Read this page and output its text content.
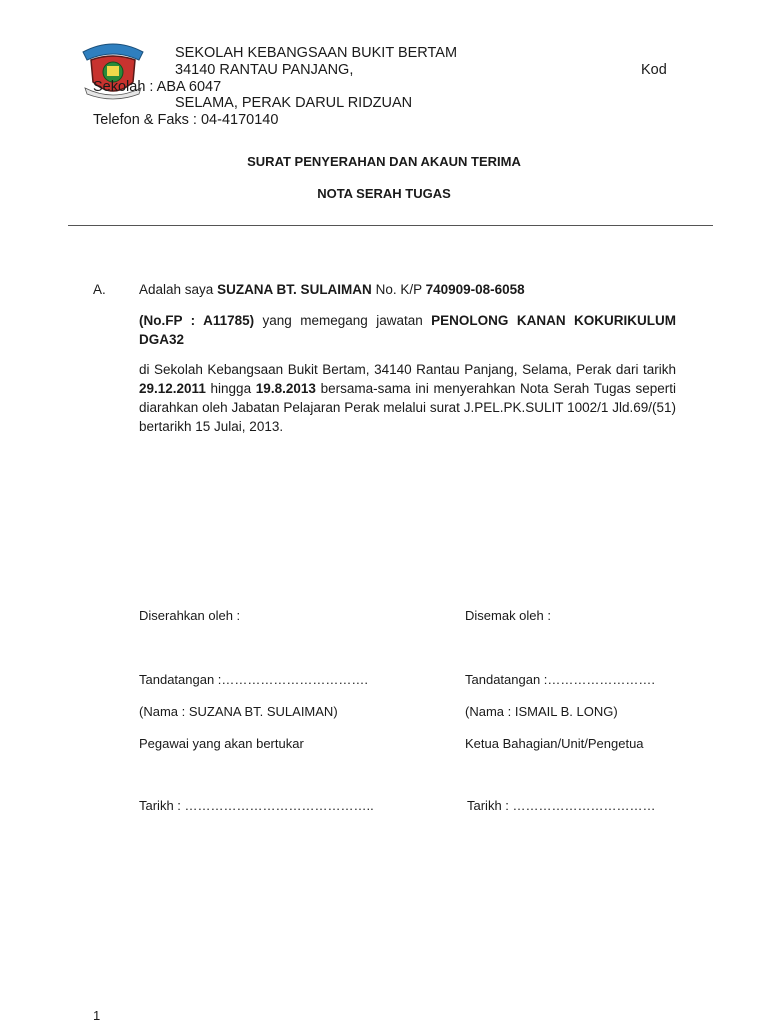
SEKOLAH KEBANGSAAN BUKIT BERTAM
34140 RANTAU PANJANG,	Kod
Sekolah : ABA 6047
SELAMA, PERAK DARUL RIDZUAN
Telefon & Faks : 04-4170140
SURAT PENYERAHAN DAN AKAUN TERIMA
NOTA SERAH TUGAS
A. Adalah saya SUZANA BT. SULAIMAN No. K/P 740909-08-6058
(No.FP : A11785) yang memegang jawatan PENOLONG KANAN KOKURIKULUM DGA32
di Sekolah Kebangsaan Bukit Bertam, 34140 Rantau Panjang, Selama, Perak dari tarikh 29.12.2011 hingga 19.8.2013 bersama-sama ini menyerahkan Nota Serah Tugas seperti diarahkan oleh Jabatan Pelajaran Perak melalui surat J.PEL.PK.SULIT 1002/1 Jld.69/(51) bertarikh 15 Julai, 2013.
Diserahkan oleh :
Tandatangan :…………………………….
(Nama : SUZANA BT. SULAIMAN)
Pegawai yang akan bertukar
Tarikh : ……………………………………..
Disemak oleh :
Tandatangan :…………………….
(Nama : ISMAIL B. LONG)
Ketua Bahagian/Unit/Pengetua
Tarikh : ……………………………
1
